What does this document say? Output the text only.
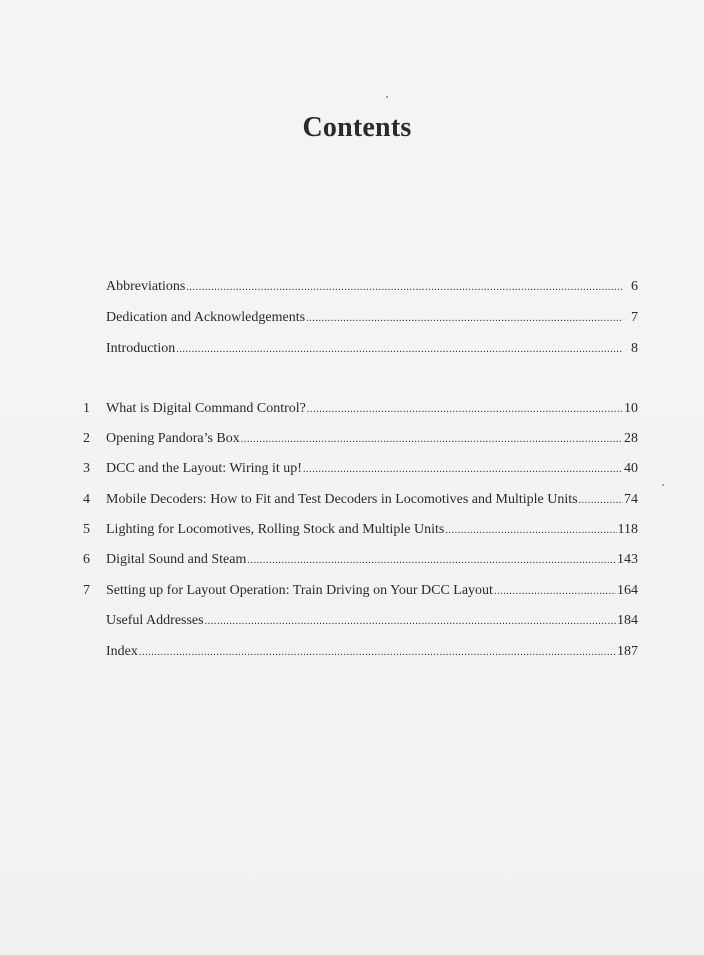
Contents
Abbreviations .....	6
Dedication and Acknowledgements .....	7
Introduction .....	8
1	What is Digital Command Control? .....	10
2	Opening Pandora’s Box .....	28
3	DCC and the Layout: Wiring it up! .....	40
4	Mobile Decoders: How to Fit and Test Decoders in Locomotives and Multiple Units .....	74
5	Lighting for Locomotives, Rolling Stock and Multiple Units .....	118
6	Digital Sound and Steam .....	143
7	Setting up for Layout Operation: Train Driving on Your DCC Layout .....	164
Useful Addresses .....	184
Index .....	187
